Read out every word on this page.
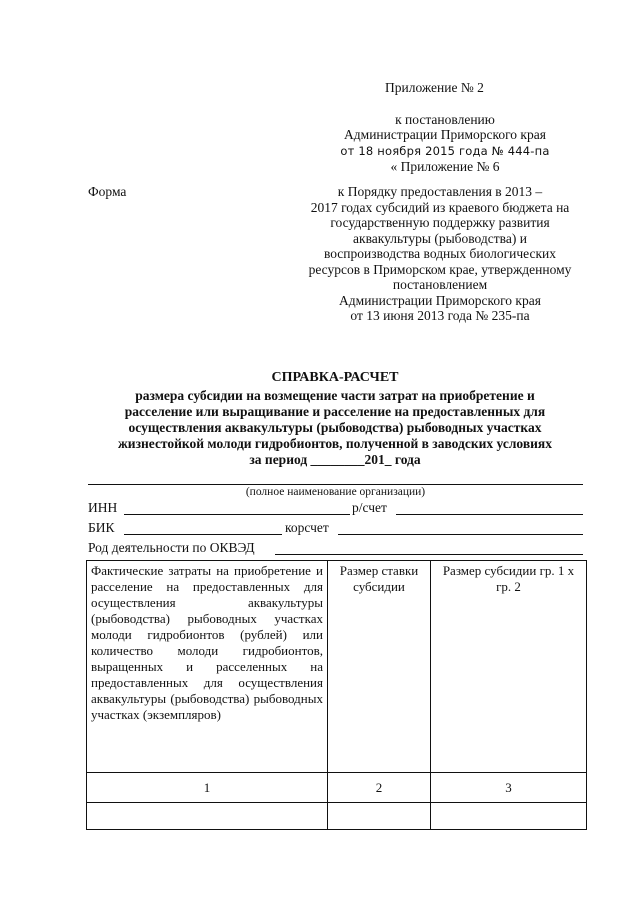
Приложение № 2
к постановлению
Администрации Приморского края
от 18 ноября 2015 года № 444-па
« Приложение № 6
Форма	к Порядку предоставления в 2013 –
2017 годах субсидий из краевого бюджета на
государственную поддержку развития
аквакультуры (рыбоводства) и
воспроизводства водных биологических
ресурсов в Приморском крае, утвержденному
постановлением
Администрации Приморского края
от 13 июня 2013 года № 235-па
СПРАВКА-РАСЧЕТ
размера субсидии на возмещение части затрат на приобретение и
расселение или выращивание и расселение на предоставленных для
осуществления аквакультуры (рыбоводства) рыбоводных участках
жизнестойкой молоди гидробионтов, полученной в заводских условиях
за период ________201_ года
(полное наименование организации)
ИНН	р/счет
БИК	корсчет
Род деятельности по ОКВЭД
Фактические затраты на приобретение и расселение на предоставленных для осуществления аквакультуры (рыбоводства) рыбоводных участках молоди гидробионтов (рублей) или количество молоди гидробионтов, выращенных и расселенных на предоставленных для осуществления аквакультуры (рыбоводства) рыбоводных участках (экземпляров)	Размер ставки субсидии	Размер субсидии гр. 1 х гр. 2
1	2	3
